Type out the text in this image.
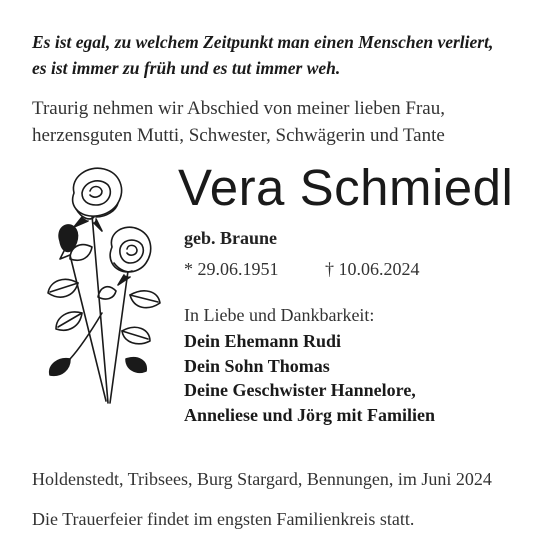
Es ist egal, zu welchem Zeitpunkt man einen Menschen verliert,
es ist immer zu früh und es tut immer weh.
Traurig nehmen wir Abschied von meiner lieben Frau,
herzensguten Mutti, Schwester, Schwägerin und Tante
Vera Schmiedl
geb. Braune
* 29.06.1951	† 10.06.2024
In Liebe und Dankbarkeit:
Dein Ehemann Rudi
Dein Sohn Thomas
Deine Geschwister Hannelore,
Anneliese und Jörg mit Familien
Holdenstedt, Tribsees, Burg Stargard, Bennungen, im Juni 2024
Die Trauerfeier findet im engsten Familienkreis statt.
